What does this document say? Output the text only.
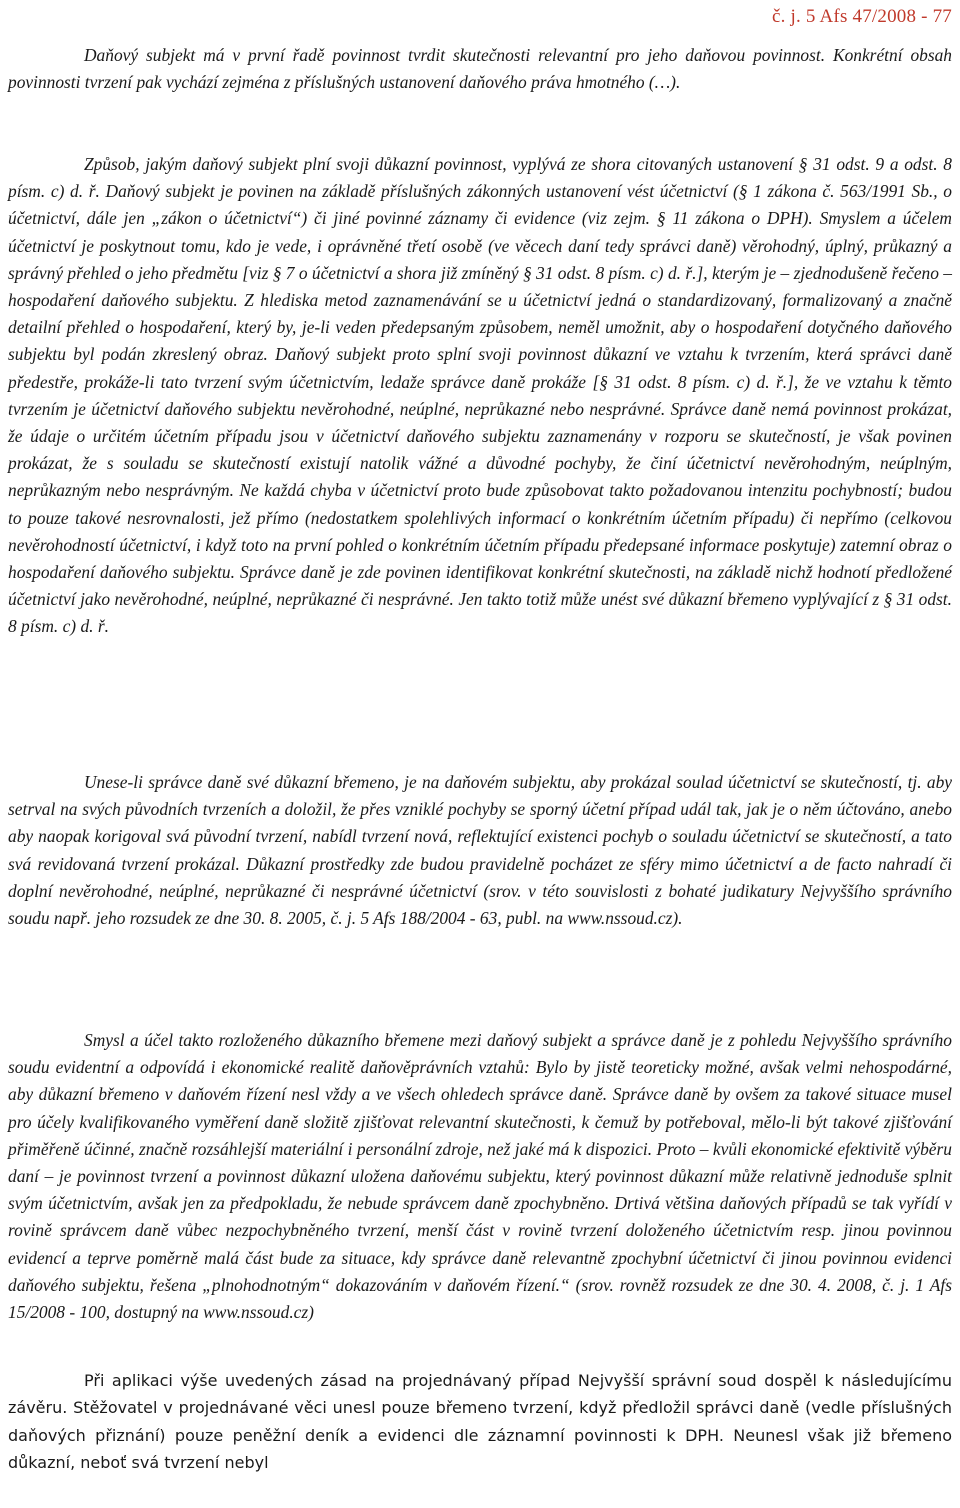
č. j. 5 Afs 47/2008 - 77

Daňový subjekt má v první řadě povinnost tvrdit skutečnosti relevantní pro jeho daňovou povinnost. Konkrétní obsah povinnosti tvrzení pak vychází zejména z příslušných ustanovení daňového práva hmotného (…).

Způsob, jakým daňový subjekt plní svoji důkazní povinnost, vyplývá ze shora citovaných ustanovení § 31 odst. 9 a odst. 8 písm. c) d. ř. Daňový subjekt je povinen na základě příslušných zákonných ustanovení vést účetnictví (§ 1 zákona č. 563/1991 Sb., o účetnictví, dále jen „zákon o účetnictví“) či jiné povinné záznamy či evidence (viz zejm. § 11 zákona o DPH). Smyslem a účelem účetnictví je poskytnout tomu, kdo je vede, i oprávněné třetí osobě (ve věcech daní tedy správci daně) věrohodný, úplný, průkazný a správný přehled o jeho předmětu [viz § 7 o účetnictví a shora již zmíněný § 31 odst. 8 písm. c) d. ř.], kterým je – zjednodušeně řečeno – hospodaření daňového subjektu. Z hlediska metod zaznamenávání se u účetnictví jedná o standardizovaný, formalizovaný a značně detailní přehled o hospodaření, který by, je-li veden předepsaným způsobem, neměl umožnit, aby o hospodaření dotyčného daňového subjektu byl podán zkreslený obraz. Daňový subjekt proto splní svoji povinnost důkazní ve vztahu k tvrzením, která správci daně předestře, prokáže-li tato tvrzení svým účetnictvím, ledaže správce daně prokáže [§ 31 odst. 8 písm. c) d. ř.], že ve vztahu k těmto tvrzením je účetnictví daňového subjektu nevěrohodné, neúplné, neprůkazné nebo nesprávné. Správce daně nemá povinnost prokázat, že údaje o určitém účetním případu jsou v účetnictví daňového subjektu zaznamenány v rozporu se skutečností, je však povinen prokázat, že s souladu se skutečností existují natolik vážné a důvodné pochyby, že činí účetnictví nevěrohodným, neúplným, neprůkazným nebo nesprávným. Ne každá chyba v účetnictví proto bude způsobovat takto požadovanou intenzitu pochybností; budou to pouze takové nesrovnalosti, jež přímo (nedostatkem spolehlivých informací o konkrétním účetním případu) či nepřímo (celkovou nevěrohodností účetnictví, i když toto na první pohled o konkrétním účetním případu předepsané informace poskytuje) zatemní obraz o hospodaření daňového subjektu. Správce daně je zde povinen identifikovat konkrétní skutečnosti, na základě nichž hodnotí předložené účetnictví jako nevěrohodné, neúplné, neprůkazné či nesprávné. Jen takto totiž může unést své důkazní břemeno vyplývající z § 31 odst. 8 písm. c) d. ř.

Unese-li správce daně své důkazní břemeno, je na daňovém subjektu, aby prokázal soulad účetnictví se skutečností, tj. aby setrval na svých původních tvrzeních a doložil, že přes vzniklé pochyby se sporný účetní případ udál tak, jak je o něm účtováno, anebo aby naopak korigoval svá původní tvrzení, nabídl tvrzení nová, reflektující existenci pochyb o souladu účetnictví se skutečností, a tato svá revidovaná tvrzení prokázal. Důkazní prostředky zde budou pravidelně pocházet ze sféry mimo účetnictví a de facto nahradí či doplní nevěrohodné, neúplné, neprůkazné či nesprávné účetnictví (srov. v této souvislosti z bohaté judikatury Nejvyššího správního soudu např. jeho rozsudek ze dne 30. 8. 2005, č. j. 5 Afs 188/2004 - 63, publ. na www.nssoud.cz).

Smysl a účel takto rozloženého důkazního břemene mezi daňový subjekt a správce daně je z pohledu Nejvyššího správního soudu evidentní a odpovídá i ekonomické realitě daňověprávních vztahů: Bylo by jistě teoreticky možné, avšak velmi nehospodárné, aby důkazní břemeno v daňovém řízení nesl vždy a ve všech ohledech správce daně. Správce daně by ovšem za takové situace musel pro účely kvalifikovaného vyměření daně složitě zjišťovat relevantní skutečnosti, k čemuž by potřeboval, mělo-li být takové zjišťování přiměřeně účinné, značně rozsáhlejší materiální i personální zdroje, než jaké má k dispozici. Proto – kvůli ekonomické efektivitě výběru daní – je povinnost tvrzení a povinnost důkazní uložena daňovému subjektu, který povinnost důkazní může relativně jednoduše splnit svým účetnictvím, avšak jen za předpokladu, že nebude správcem daně zpochybněno. Drtivá většina daňových případů se tak vyřídí v rovině správcem daně vůbec nezpochybněného tvrzení, menší část v rovině tvrzení doloženého účetnictvím resp. jinou povinnou evidencí a teprve poměrně malá část bude za situace, kdy správce daně relevantně zpochybní účetnictví či jinou povinnou evidenci daňového subjektu, řešena „plnohodnotným“ dokazováním v daňovém řízení.“ (srov. rovněž rozsudek ze dne 30. 4. 2008, č. j. 1 Afs 15/2008 - 100, dostupný na www.nssoud.cz)

Při aplikaci výše uvedených zásad na projednávaný případ Nejvyšší správní soud dospěl k následujícímu závěru. Stěžovatel v projednávané věci unesl pouze břemeno tvrzení, když předložil správci daně (vedle příslušných daňových přiznání) pouze peněžní deník a evidenci dle záznamní povinnosti k DPH. Neunesl však již břemeno důkazní, neboť svá tvrzení nebyl
